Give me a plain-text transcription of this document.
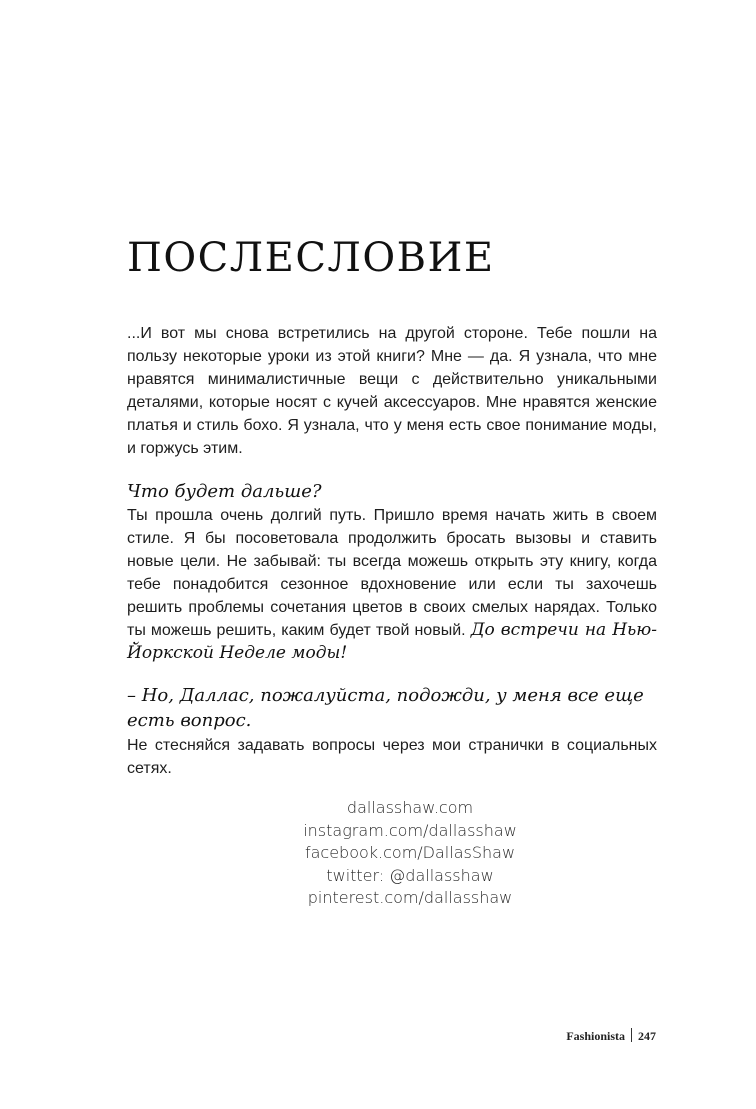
ПОСЛЕСЛОВИЕ

...И вот мы снова встретились на другой стороне. Тебе пошли на пользу некоторые уроки из этой книги? Мне — да. Я узнала, что мне нравятся минималистичные вещи с действительно уникальными деталями, которые носят с кучей аксессуаров. Мне нравятся женские платья и стиль бохо. Я узнала, что у меня есть свое понимание моды, и горжусь этим.

Что будет дальше?

Ты прошла очень долгий путь. Пришло время начать жить в своем стиле. Я бы посоветовала продолжить бросать вызовы и ставить новые цели. Не забывай: ты всегда можешь открыть эту книгу, когда тебе понадобится сезонное вдохновение или если ты захочешь решить проблемы сочетания цветов в своих смелых нарядах. Только ты можешь решить, каким будет твой новый. До встречи на Нью-Йоркской Неделе моды!

– Но, Даллас, пожалуйста, подожди, у меня все еще есть вопрос.

Не стесняйся задавать вопросы через мои странички в социальных сетях.

dallasshaw.com
instagram.com/dallasshaw
facebook.com/DallasShaw
twitter: @dallasshaw
pinterest.com/dallasshaw
Fashionista 247
